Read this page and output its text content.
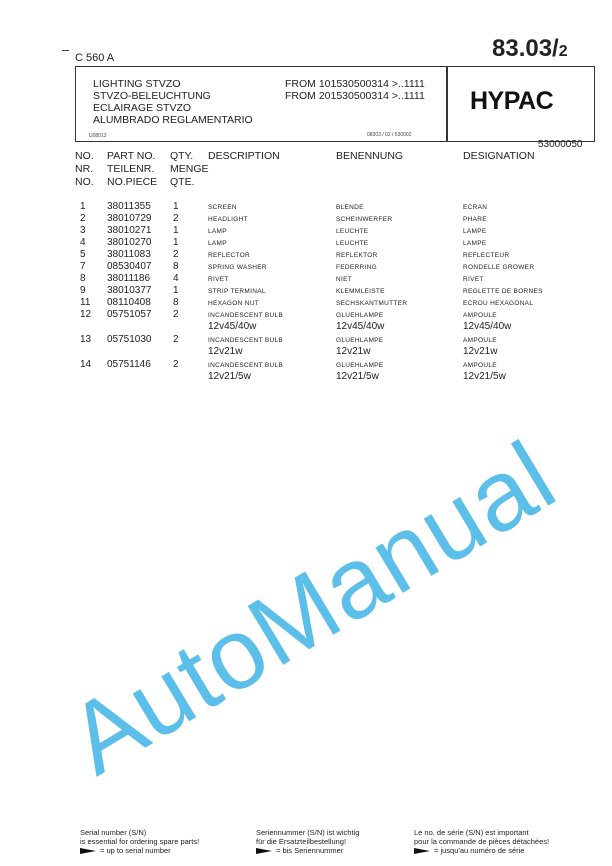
C 560 A	83.03/2
LIGHTING STVZO
STVZO-BELEUCHTUNG
ECLAIRAGE STVZO
ALUMBRADO REGLAMENTARIO
FROM 101530500314 >..1111
FROM 201530500314 >..1111
U08013	08303 / 02 / 530002
HYPAC
53000050
NO. PART NO. QTY.
NR. TEILENR. MENGE
NO. NO.PIECE QTE.
DESCRIPTION	BENENNUNG	DESIGNATION
1 38011355 1	SCREEN	BLENDE	ECRAN
2 38010729 2	HEADLIGHT	SCHEINWERFER	PHARE
3 38010271 1	LAMP	LEUCHTE	LAMPE
4 38010270 1	LAMP	LEUCHTE	LAMPE
5 38011083 2	REFLECTOR	REFLEKTOR	REFLECTEUR
7 08530407 8	SPRING WASHER	FEDERRING	RONDELLE GROWER
8 38011186 4	RIVET	NIET	RIVET
9 38010377 1	STRIP TERMINAL	KLEMMLEISTE	REGLETTE DE BORNES
11 08110408 8	HEXAGON NUT	SECHSKANTMUTTER	ECROU HEXAGONAL
12 05751057 2	INCANDESCENT BULB	GLUEHLAMPE	AMPOULE
12v45/40w	12v45/40w	12v45/40w
13 05751030 2	INCANDESCENT BULB	GLUEHLAMPE	AMPOULE
12v21w	12v21w	12v21w
14 05751146 2	INCANDESCENT BULB	GLUEHLAMPE	AMPOULE
12v21/5w	12v21/5w	12v21/5w
AutoManual
Serial number (S/N)
is essential for ordering spare parts!
= up to serial number
Seriennummer (S/N) ist wichtig
für die Ersatzteilbestellung!
= bis Seriennummer
Le no. de série (S/N) est important
pour la commande de pièces détachées!
= jusqu'au numéro de série
